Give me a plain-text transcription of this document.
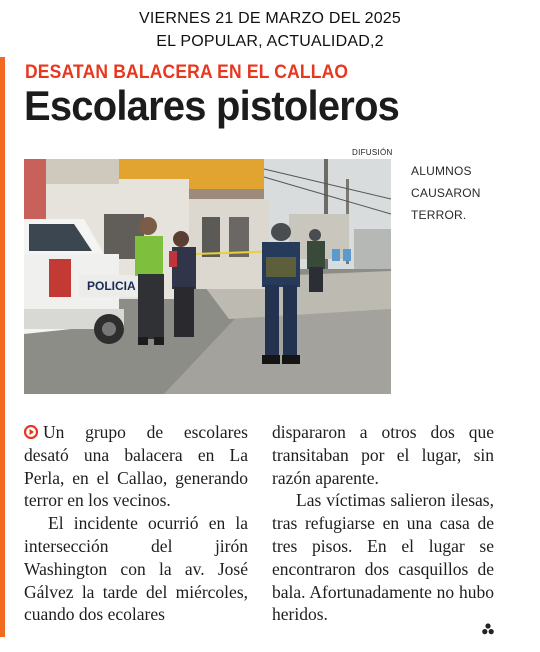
VIERNES 21 DE MARZO DEL 2025
EL POPULAR, ACTUALIDAD,2
DESATAN BALACERA EN EL CALLAO
Escolares pistoleros
DIFUSIÓN
POLICIA
ALUMNOS
CAUSARON
TERROR.

Un grupo de escolares desató una balacera en La Perla, en el Callao, generando terror en los vecinos.

El incidente ocurrió en la intersección del jirón Washington con la av. José Gálvez la tarde del miércoles, cuando dos ecolares

dispararon a otros dos que transitaban por el lugar, sin razón aparente.

Las víctimas salieron ilesas, tras refugiarse en una casa de tres pisos. En el lugar se encontraron dos casquillos de bala. Afortunadamente no hubo heridos.
